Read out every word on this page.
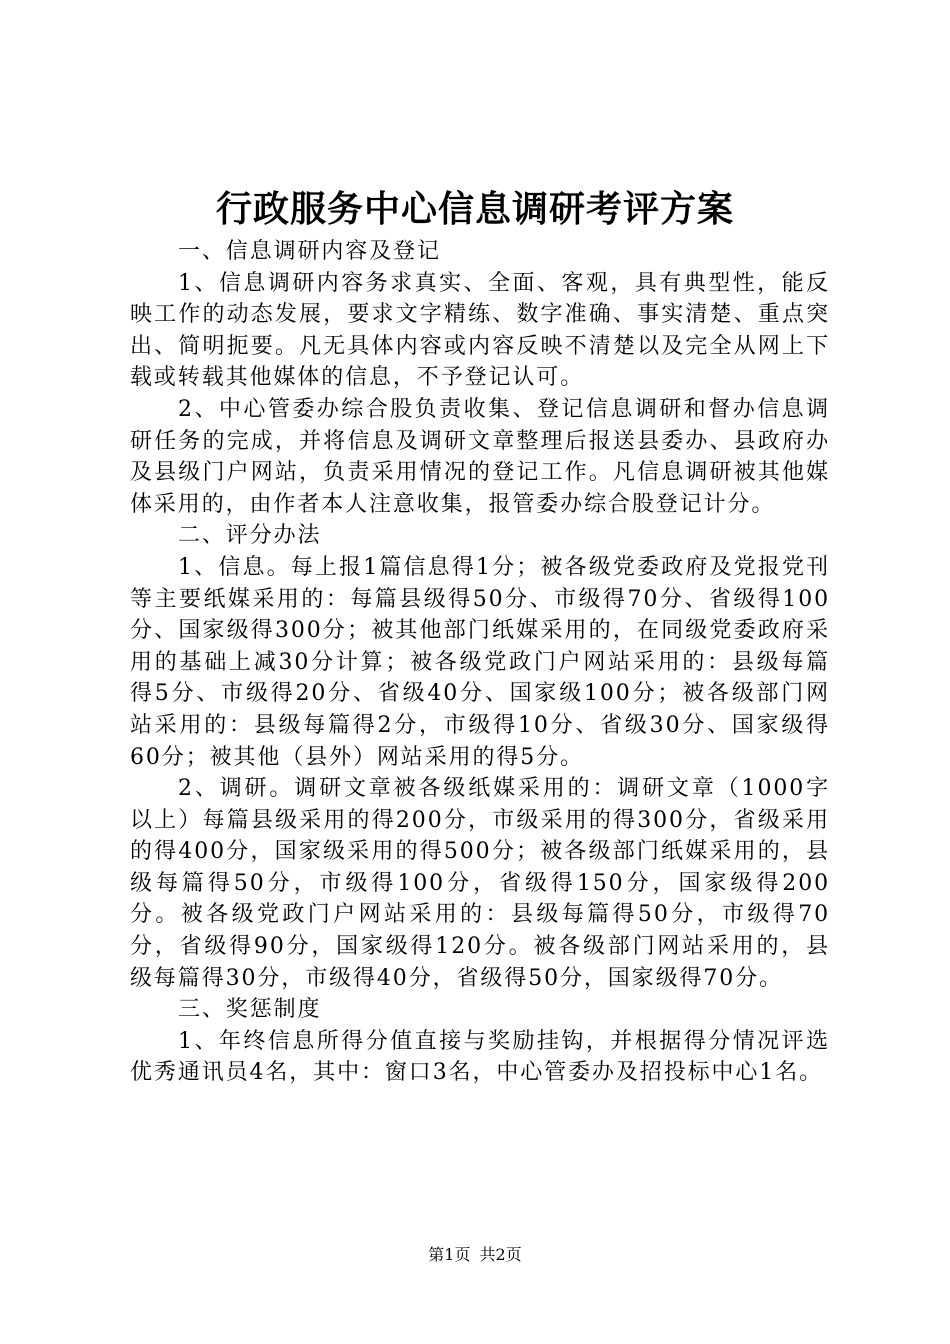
行政服务中心信息调研考评方案

一、信息调研内容及登记

1、信息调研内容务求真实、全面、客观，具有典型性，能反映工作的动态发展，要求文字精练、数字准确、事实清楚、重点突出、简明扼要。凡无具体内容或内容反映不清楚以及完全从网上下载或转载其他媒体的信息，不予登记认可。

2、中心管委办综合股负责收集、登记信息调研和督办信息调研任务的完成，并将信息及调研文章整理后报送县委办、县政府办及县级门户网站，负责采用情况的登记工作。凡信息调研被其他媒体采用的，由作者本人注意收集，报管委办综合股登记计分。

二、评分办法

1、信息。每上报1篇信息得1分；被各级党委政府及党报党刊等主要纸媒采用的：每篇县级得50分、市级得70分、省级得100分、国家级得300分；被其他部门纸媒采用的，在同级党委政府采用的基础上减30分计算；被各级党政门户网站采用的：县级每篇得5分、市级得20分、省级40分、国家级100分；被各级部门网站采用的：县级每篇得2分，市级得10分、省级30分、国家级得60分；被其他（县外）网站采用的得5分。

2、调研。调研文章被各级纸媒采用的：调研文章（1000字以上）每篇县级采用的得200分，市级采用的得300分，省级采用的得400分，国家级采用的得500分；被各级部门纸媒采用的，县级每篇得50分，市级得100分，省级得150分，国家级得200分。被各级党政门户网站采用的：县级每篇得50分，市级得70分，省级得90分，国家级得120分。被各级部门网站采用的，县级每篇得30分，市级得40分，省级得50分，国家级得70分。

三、奖惩制度

1、年终信息所得分值直接与奖励挂钩，并根据得分情况评选优秀通讯员4名，其中：窗口3名，中心管委办及招投标中心1名。

第1页 共2页
